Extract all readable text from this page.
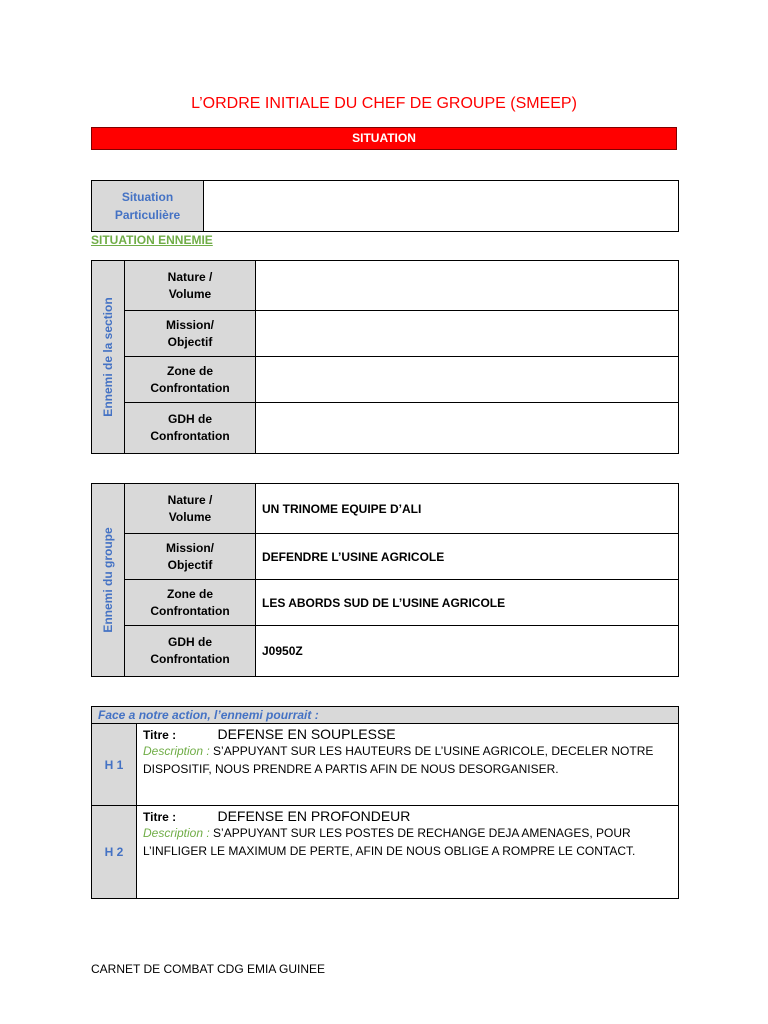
L’ORDRE INITIALE DU CHEF DE GROUPE (SMEEP)
SITUATION
Situation
Particulière

SITUATION ENNEMIE
Ennemi de la section	Nature /
Volume	

	Mission/
Objectif	

	Zone de
Confrontation	

	GDH de
Confrontation	

Ennemi du groupe	Nature /
Volume	UN TRINOME EQUIPE D’ALI

	Mission/
Objectif	DEFENDRE L’USINE AGRICOLE

	Zone de
Confrontation	LES ABORDS SUD DE L’USINE AGRICOLE

	GDH de
Confrontation	J0950Z
Face a notre action, l’ennemi pourrait :	
H 1	Titre : DEFENSE EN SOUPLESSE
Description : S’APPUYANT SUR LES HAUTEURS DE L’USINE AGRICOLE, DECELER NOTRE DISPOSITIF, NOUS PRENDRE A PARTIS AFIN DE NOUS DESORGANISER.

H 2	Titre : DEFENSE EN PROFONDEUR
Description : S’APPUYANT SUR LES POSTES DE RECHANGE DEJA AMENAGES, POUR L’INFLIGER LE MAXIMUM DE PERTE, AFIN DE NOUS OBLIGE A ROMPRE LE CONTACT.
CARNET DE COMBAT CDG EMIA GUINEE
